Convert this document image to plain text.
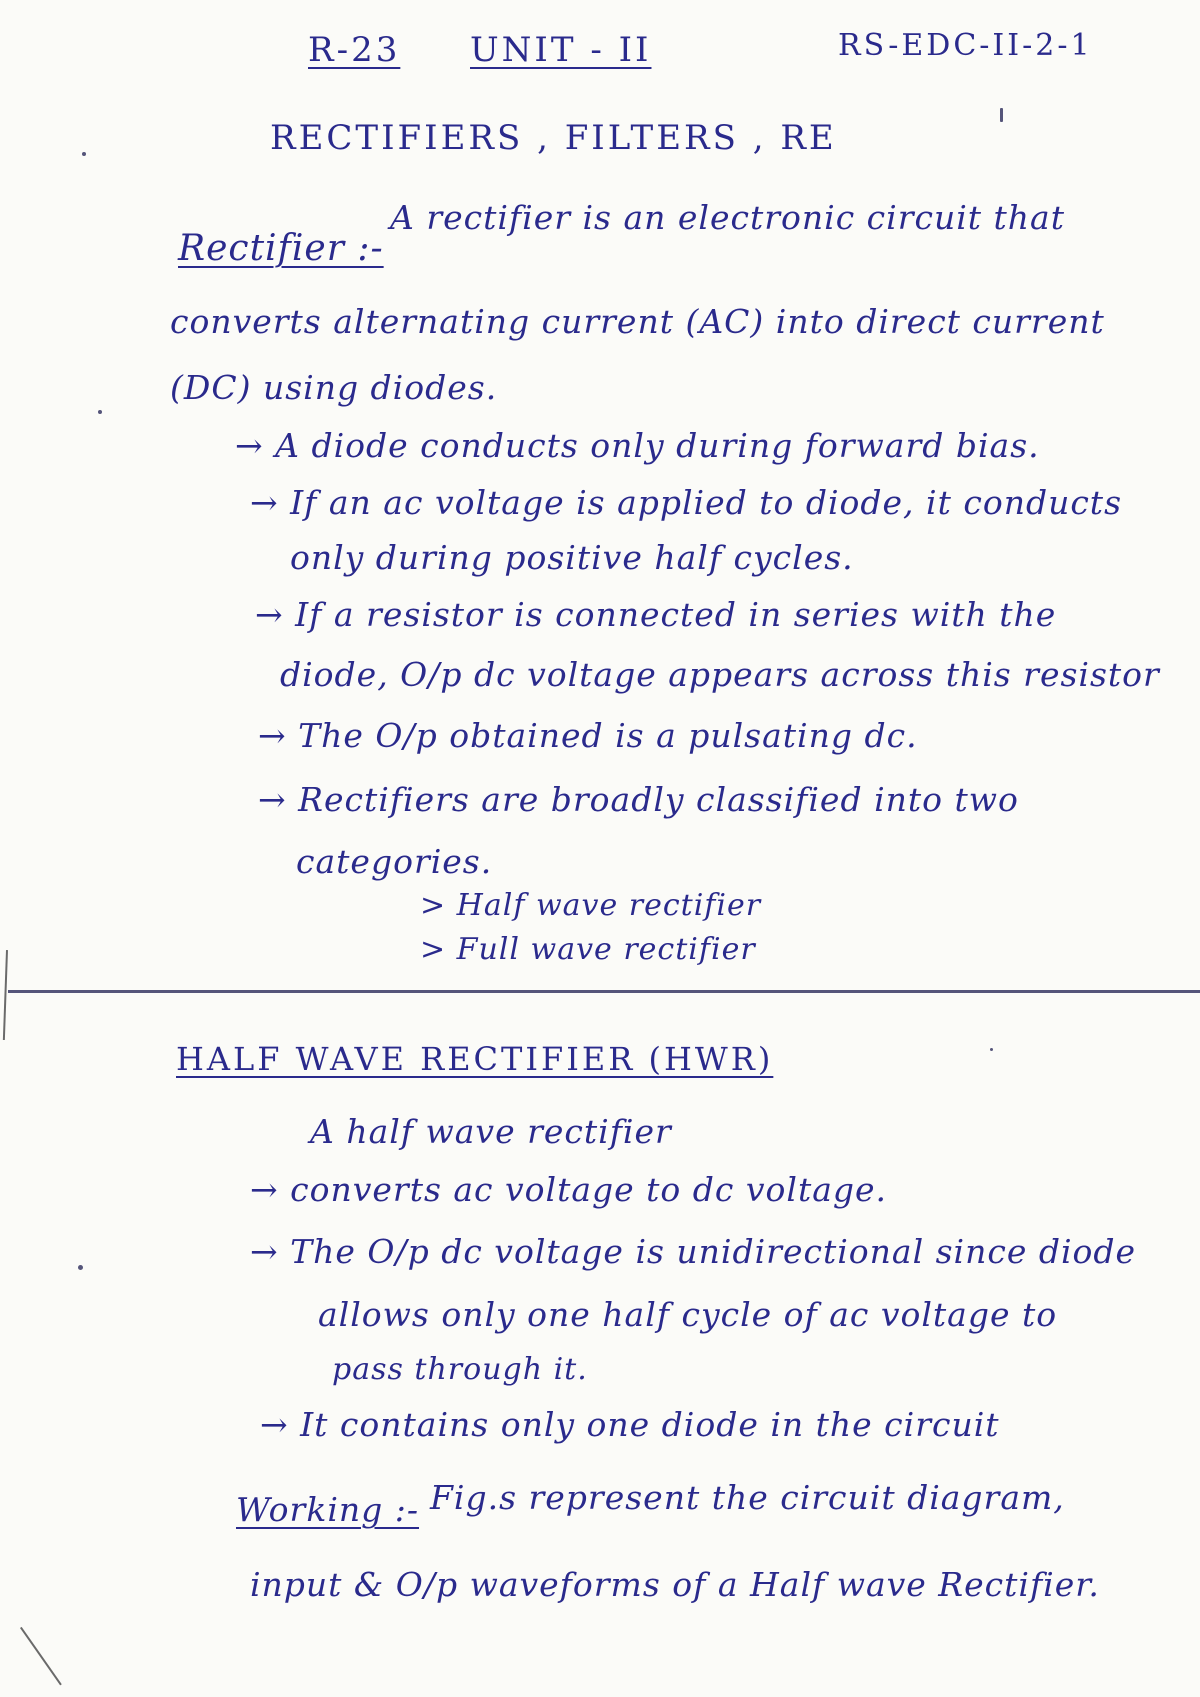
R-23 UNIT - II	RS-EDC-II-2-1
RECTIFIERS , FILTERS , RE
Rectifier :-
A rectifier is an electronic circuit that
converts alternating current (AC) into direct current
(DC) using diodes.
→ A diode conducts only during forward bias.
→ If an ac voltage is applied to diode, it conducts
only during positive half cycles.
→ If a resistor is connected in series with the
diode, O/p dc voltage appears across this resistor
→ The O/p obtained is a pulsating dc.
→ Rectifiers are broadly classified into two
categories.
> Half wave rectifier
> Full wave rectifier
HALF WAVE RECTIFIER (HWR)
A half wave rectifier
→ converts ac voltage to dc voltage.
→ The O/p dc voltage is unidirectional since diode
allows only one half cycle of ac voltage to
pass through it.
→ It contains only one diode in the circuit
Working :- Fig.s represent the circuit diagram,
input & O/p waveforms of a Half wave Rectifier.
